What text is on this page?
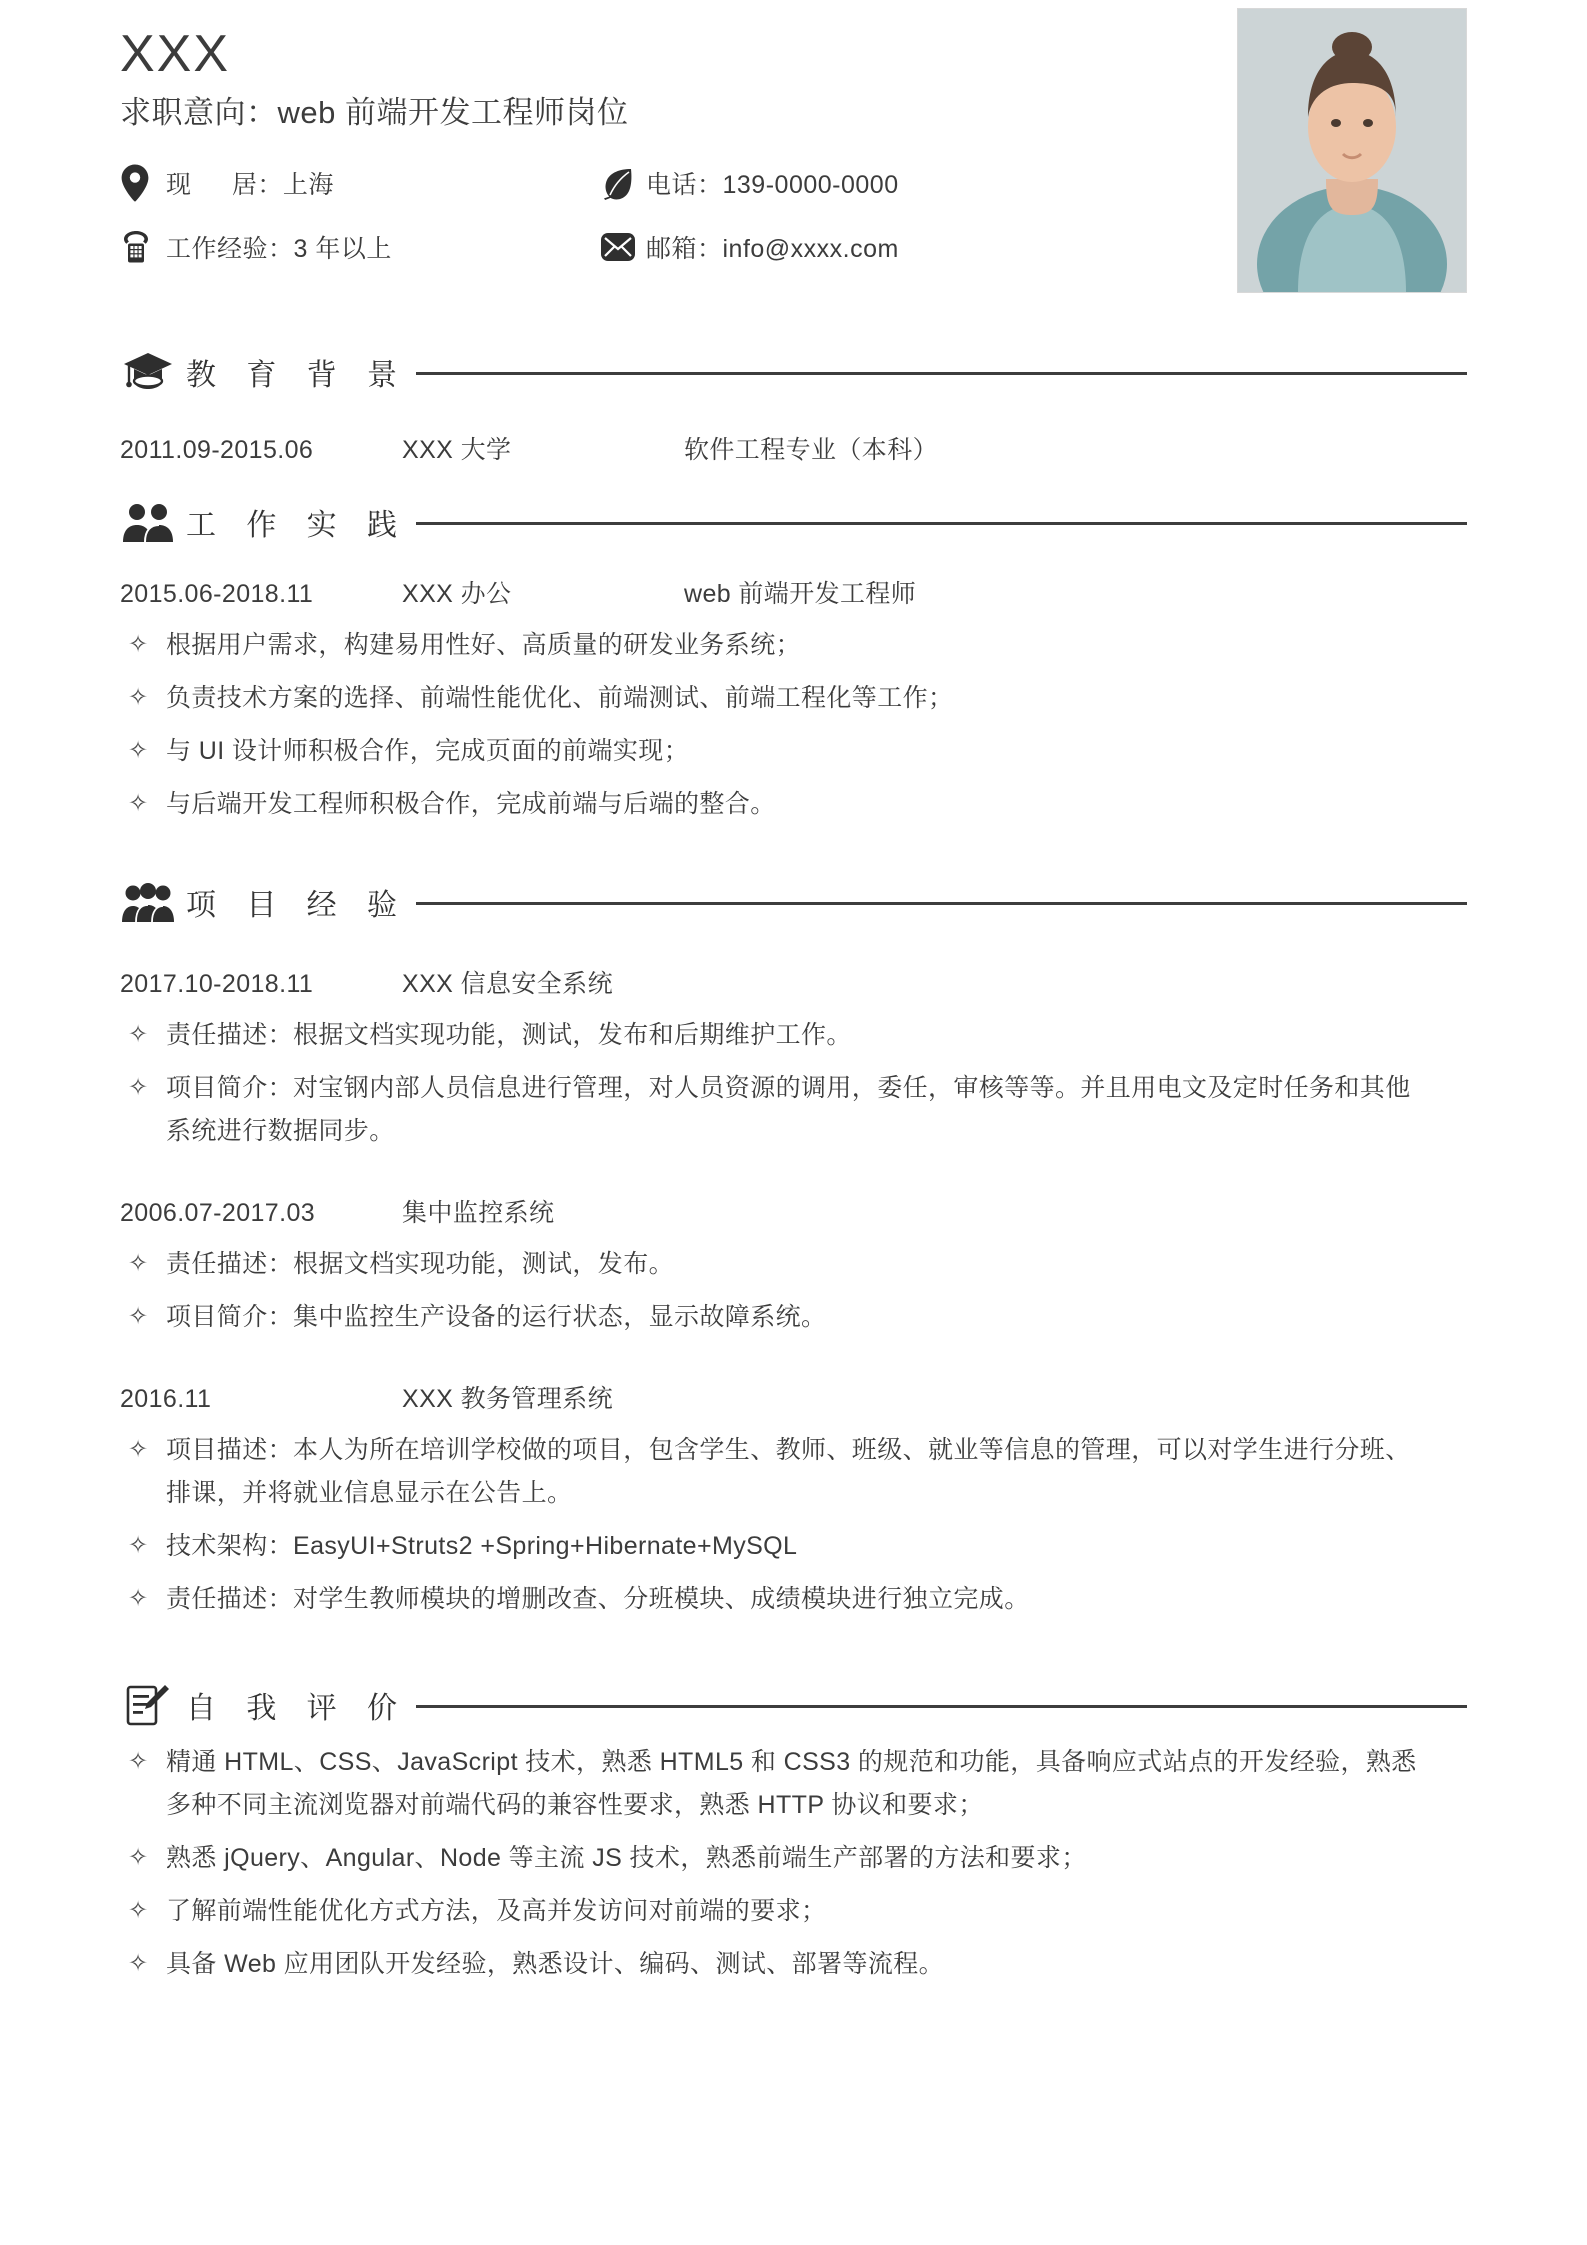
XXX
求职意向：web 前端开发工程师岗位
现　  居：上海	电话：139-0000-0000
工作经验：3 年以上	邮箱：info@xxxx.com
教 育 背 景
2011.09-2015.06	XXX 大学	软件工程专业（本科）
工 作 实 践
2015.06-2018.11	XXX 办公	web 前端开发工程师
✧ 根据用户需求，构建易用性好、高质量的研发业务系统；
✧ 负责技术方案的选择、前端性能优化、前端测试、前端工程化等工作；
✧ 与 UI 设计师积极合作，完成页面的前端实现；
✧ 与后端开发工程师积极合作，完成前端与后端的整合。
项 目 经 验
2017.10-2018.11	XXX 信息安全系统
✧ 责任描述：根据文档实现功能，测试，发布和后期维护工作。
✧ 项目简介：对宝钢内部人员信息进行管理，对人员资源的调用，委任，审核等等。并且用电文及定时任务和其他系统进行数据同步。
2006.07-2017.03	集中监控系统
✧ 责任描述：根据文档实现功能，测试，发布。
✧ 项目简介：集中监控生产设备的运行状态，显示故障系统。
2016.11	XXX 教务管理系统
✧ 项目描述：本人为所在培训学校做的项目，包含学生、教师、班级、就业等信息的管理，可以对学生进行分班、排课，并将就业信息显示在公告上。
✧ 技术架构：EasyUI+Struts2 +Spring+Hibernate+MySQL
✧ 责任描述：对学生教师模块的增删改查、分班模块、成绩模块进行独立完成。
自 我 评 价
✧ 精通 HTML、CSS、JavaScript 技术，熟悉 HTML5 和 CSS3 的规范和功能，具备响应式站点的开发经验，熟悉多种不同主流浏览器对前端代码的兼容性要求，熟悉 HTTP 协议和要求；
✧ 熟悉 jQuery、Angular、Node 等主流 JS 技术，熟悉前端生产部署的方法和要求；
✧ 了解前端性能优化方式方法，及高并发访问对前端的要求；
✧ 具备 Web 应用团队开发经验，熟悉设计、编码、测试、部署等流程。
